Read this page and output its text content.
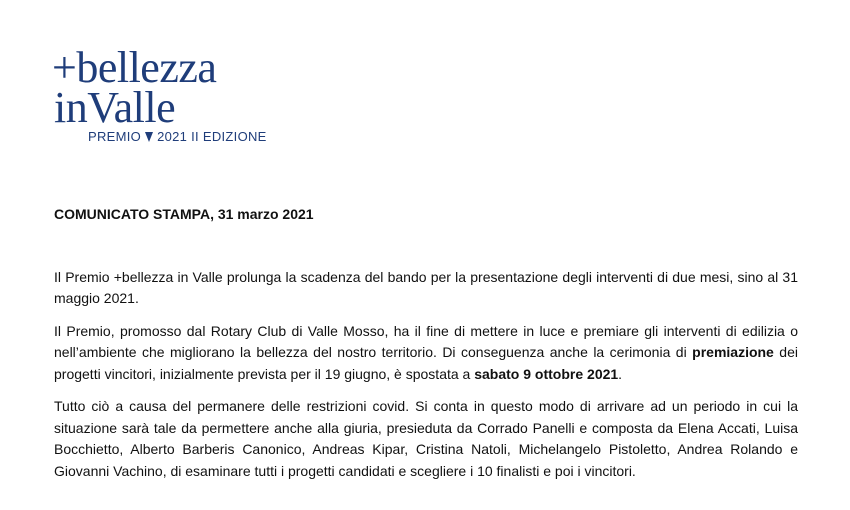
+bellezza
inValle
PREMIO 2021 II EDIZIONE

COMUNICATO STAMPA, 31 marzo 2021

Il Premio +bellezza in Valle prolunga la scadenza del bando per la presentazione degli interventi di due mesi, sino al 31 maggio 2021.

Il Premio, promosso dal Rotary Club di Valle Mosso, ha il fine di mettere in luce e premiare gli interventi di edilizia o nell’ambiente che migliorano la bellezza del nostro territorio. Di conseguenza anche la cerimonia di premiazione dei progetti vincitori, inizialmente prevista per il 19 giugno, è spostata a sabato 9 ottobre 2021.

Tutto ciò a causa del permanere delle restrizioni covid. Si conta in questo modo di arrivare ad un periodo in cui la situazione sarà tale da permettere anche alla giuria, presieduta da Corrado Panelli e composta da Elena Accati, Luisa Bocchietto, Alberto Barberis Canonico, Andreas Kipar, Cristina Natoli, Michelangelo Pistoletto, Andrea Rolando e Giovanni Vachino, di esaminare tutti i progetti candidati e scegliere i 10 finalisti e poi i vincitori.
